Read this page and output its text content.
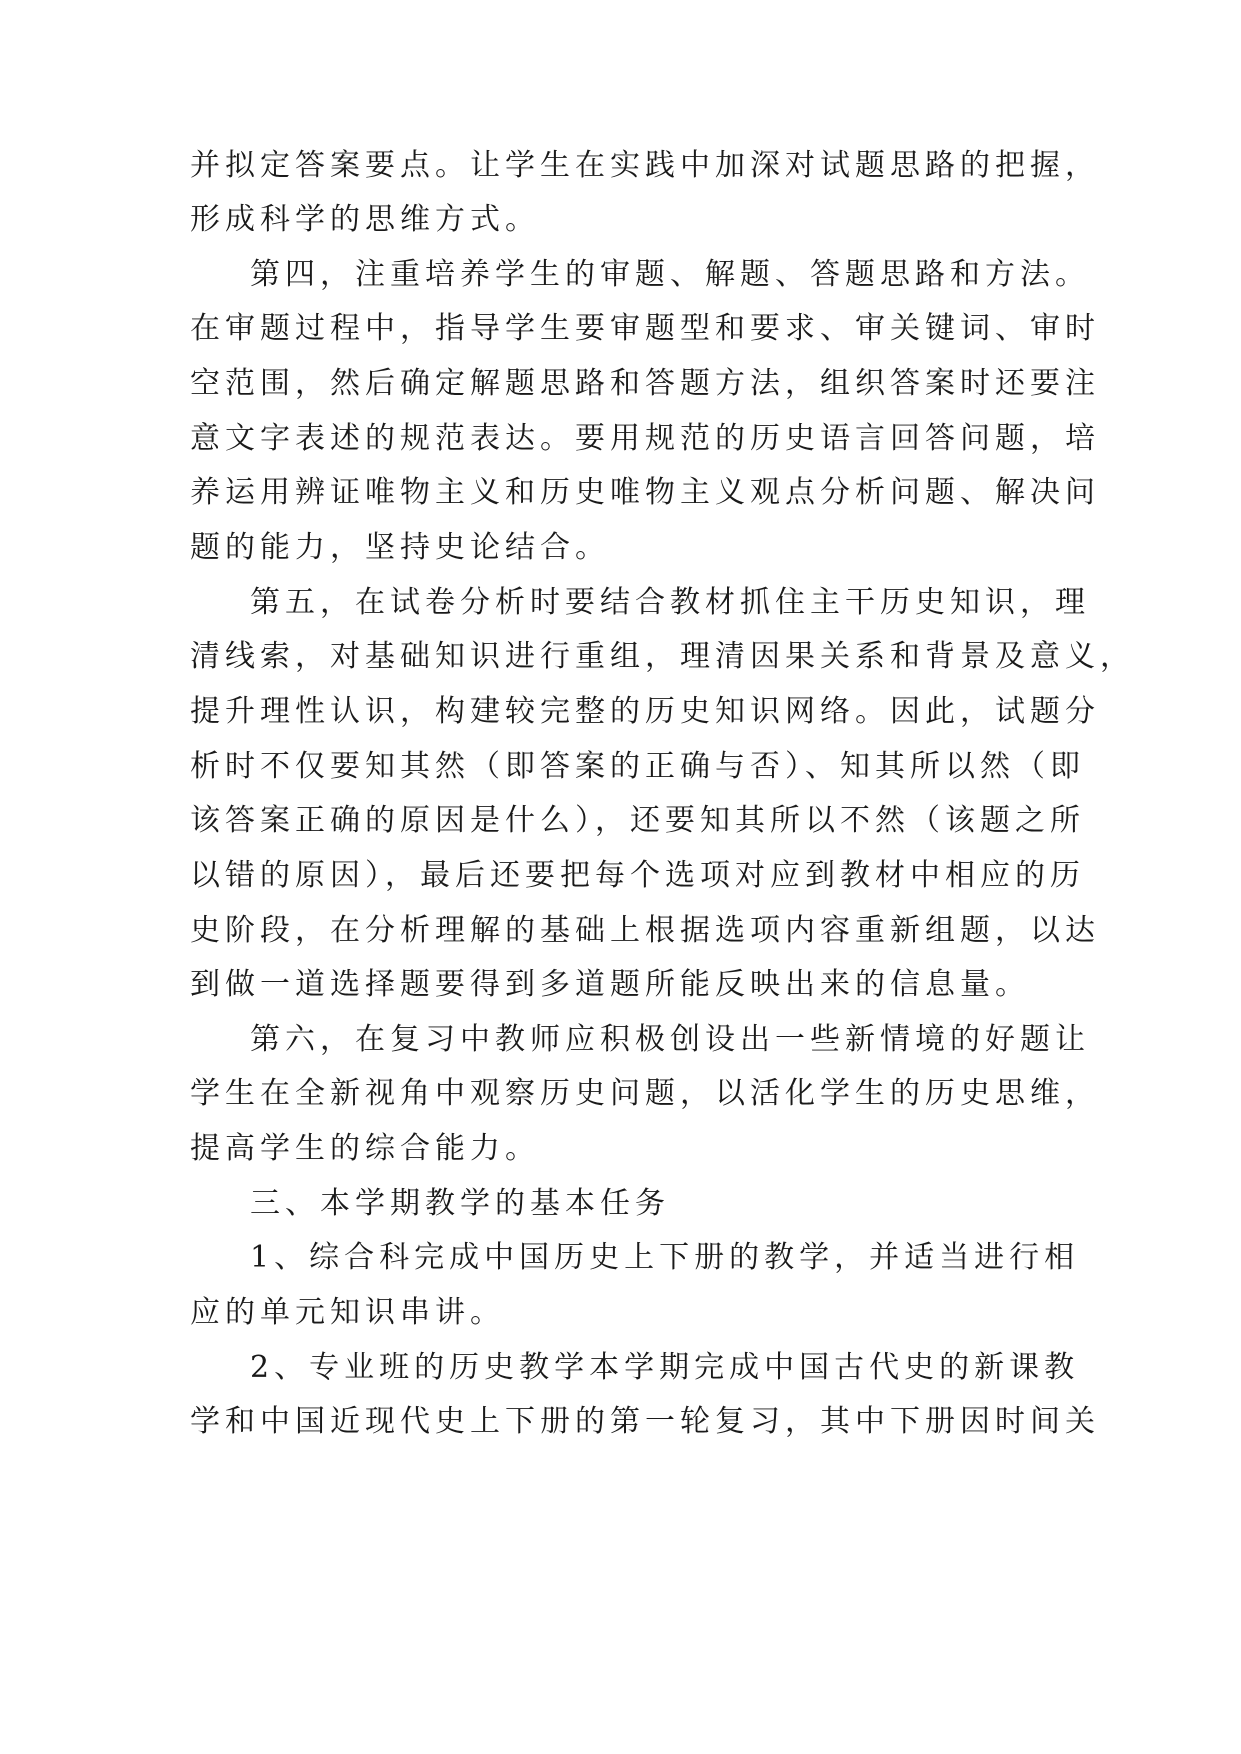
并拟定答案要点。让学生在实践中加深对试题思路的把握，
形成科学的思维方式。
第四，注重培养学生的审题、解题、答题思路和方法。
在审题过程中，指导学生要审题型和要求、审关键词、审时
空范围，然后确定解题思路和答题方法，组织答案时还要注
意文字表述的规范表达。要用规范的历史语言回答问题，培
养运用辨证唯物主义和历史唯物主义观点分析问题、解决问
题的能力，坚持史论结合。
第五，在试卷分析时要结合教材抓住主干历史知识，理
清线索，对基础知识进行重组，理清因果关系和背景及意义，
提升理性认识，构建较完整的历史知识网络。因此，试题分
析时不仅要知其然（即答案的正确与否）、知其所以然（即
该答案正确的原因是什么），还要知其所以不然（该题之所
以错的原因），最后还要把每个选项对应到教材中相应的历
史阶段，在分析理解的基础上根据选项内容重新组题，以达
到做一道选择题要得到多道题所能反映出来的信息量。
第六，在复习中教师应积极创设出一些新情境的好题让
学生在全新视角中观察历史问题，以活化学生的历史思维，
提高学生的综合能力。
三、本学期教学的基本任务
1、综合科完成中国历史上下册的教学，并适当进行相
应的单元知识串讲。
2、专业班的历史教学本学期完成中国古代史的新课教
学和中国近现代史上下册的第一轮复习，其中下册因时间关
